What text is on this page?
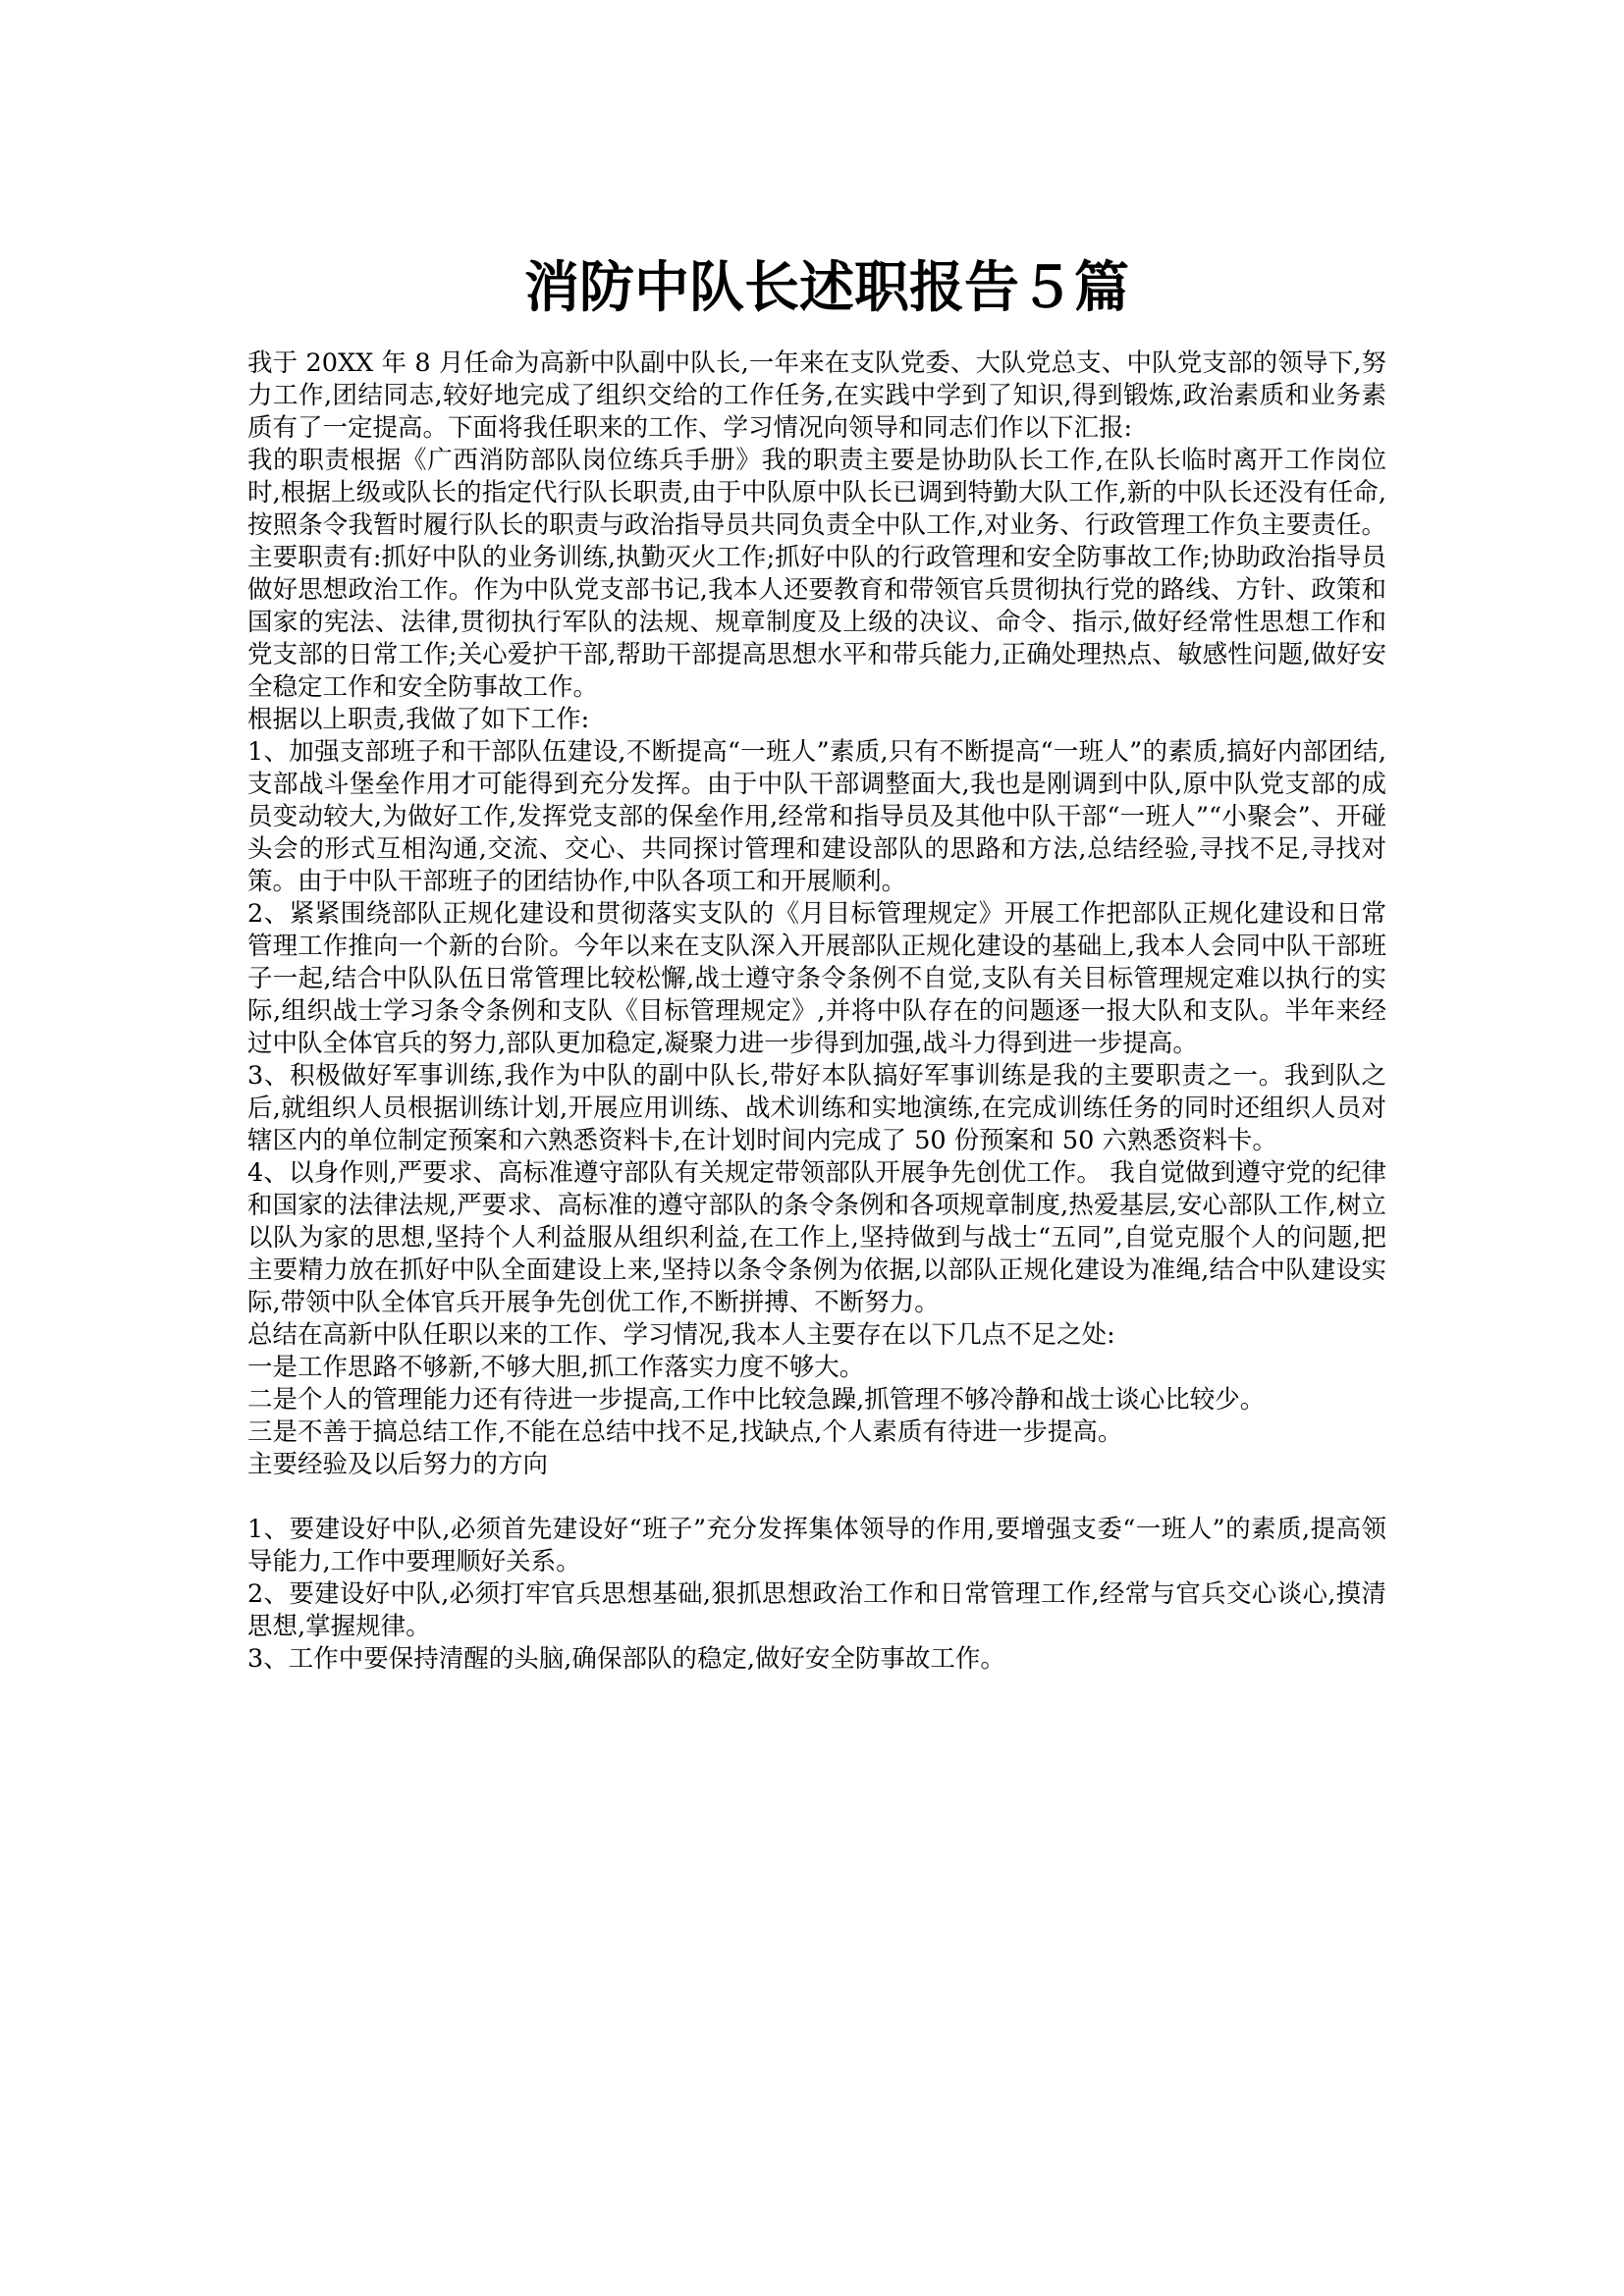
消防中队长述职报告５篇

我于 20XX 年 8 月任命为高新中队副中队长,一年来在支队党委、大队党总支、中队党支部的领导下,努力工作,团结同志,较好地完成了组织交给的工作任务,在实践中学到了知识,得到锻炼,政治素质和业务素质有了一定提高。下面将我任职来的工作、学习情况向领导和同志们作以下汇报:

我的职责根据《广西消防部队岗位练兵手册》我的职责主要是协助队长工作,在队长临时离开工作岗位时,根据上级或队长的指定代行队长职责,由于中队原中队长已调到特勤大队工作,新的中队长还没有任命,按照条令我暂时履行队长的职责与政治指导员共同负责全中队工作,对业务、行政管理工作负主要责任。主要职责有:抓好中队的业务训练,执勤灭火工作;抓好中队的行政管理和安全防事故工作;协助政治指导员做好思想政治工作。作为中队党支部书记,我本人还要教育和带领官兵贯彻执行党的路线、方针、政策和国家的宪法、法律,贯彻执行军队的法规、规章制度及上级的决议、命令、指示,做好经常性思想工作和党支部的日常工作;关心爱护干部,帮助干部提高思想水平和带兵能力,正确处理热点、敏感性问题,做好安全稳定工作和安全防事故工作。

根据以上职责,我做了如下工作:

1、加强支部班子和干部队伍建设,不断提高“一班人”素质,只有不断提高“一班人”的素质,搞好内部团结,支部战斗堡垒作用才可能得到充分发挥。由于中队干部调整面大,我也是刚调到中队,原中队党支部的成员变动较大,为做好工作,发挥党支部的保垒作用,经常和指导员及其他中队干部“一班人”“小聚会”、开碰头会的形式互相沟通,交流、交心、共同探讨管理和建设部队的思路和方法,总结经验,寻找不足,寻找对策。由于中队干部班子的团结协作,中队各项工和开展顺利。

2、紧紧围绕部队正规化建设和贯彻落实支队的《月目标管理规定》开展工作把部队正规化建设和日常管理工作推向一个新的台阶。今年以来在支队深入开展部队正规化建设的基础上,我本人会同中队干部班子一起,结合中队队伍日常管理比较松懈,战士遵守条令条例不自觉,支队有关目标管理规定难以执行的实际,组织战士学习条令条例和支队《目标管理规定》,并将中队存在的问题逐一报大队和支队。半年来经过中队全体官兵的努力,部队更加稳定,凝聚力进一步得到加强,战斗力得到进一步提高。

3、积极做好军事训练,我作为中队的副中队长,带好本队搞好军事训练是我的主要职责之一。我到队之后,就组织人员根据训练计划,开展应用训练、战术训练和实地演练,在完成训练任务的同时还组织人员对辖区内的单位制定预案和六熟悉资料卡,在计划时间内完成了 50 份预案和 50 六熟悉资料卡。

4、以身作则,严要求、高标准遵守部队有关规定带领部队开展争先创优工作。 我自觉做到遵守党的纪律和国家的法律法规,严要求、高标准的遵守部队的条令条例和各项规章制度,热爱基层,安心部队工作,树立以队为家的思想,坚持个人利益服从组织利益,在工作上,坚持做到与战士“五同”,自觉克服个人的问题,把主要精力放在抓好中队全面建设上来,坚持以条令条例为依据,以部队正规化建设为准绳,结合中队建设实际,带领中队全体官兵开展争先创优工作,不断拼搏、不断努力。

总结在高新中队任职以来的工作、学习情况,我本人主要存在以下几点不足之处:

一是工作思路不够新,不够大胆,抓工作落实力度不够大。

二是个人的管理能力还有待进一步提高,工作中比较急躁,抓管理不够冷静和战士谈心比较少。

三是不善于搞总结工作,不能在总结中找不足,找缺点,个人素质有待进一步提高。

主要经验及以后努力的方向

1、要建设好中队,必须首先建设好“班子”充分发挥集体领导的作用,要增强支委“一班人”的素质,提高领导能力,工作中要理顺好关系。

2、要建设好中队,必须打牢官兵思想基础,狠抓思想政治工作和日常管理工作,经常与官兵交心谈心,摸清思想,掌握规律。

3、工作中要保持清醒的头脑,确保部队的稳定,做好安全防事故工作。
